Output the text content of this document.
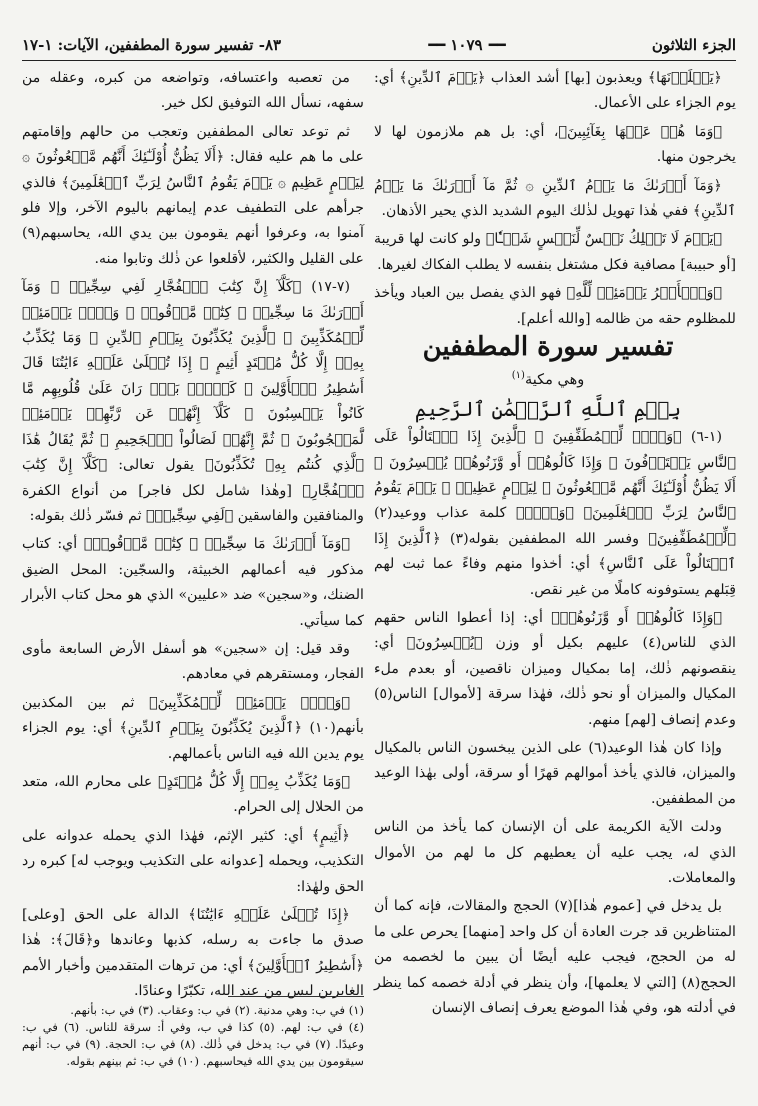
الجزء الثلاثون
━━
١٠٧٩
━━
٨٣- تفسير سورة المطففين، الآيات: ١-١٧

﴿يَصۡلَوۡنَهَا﴾ ويعذبون [بها] أشد العذاب ﴿يَوۡمَ ٱلدِّينِ﴾ أي: يوم الجزاء على الأعمال.

﴿وَمَا هُمۡ عَنۡهَا بِغَآئِبِينَ﴾، أي: بل هم ملازمون لها لا يخرجون منها.

﴿وَمَآ أَدۡرَىٰكَ مَا يَوۡمُ ٱلدِّينِ ۞ ثُمَّ مَآ أَدۡرَىٰكَ مَا يَوۡمُ ٱلدِّينِ﴾ ففي هٰذا تهويل لذٰلك اليوم الشديد الذي يحير الأذهان.

﴿يَوۡمَ لَا تَمۡلِكُ نَفۡسٌ لِّنَفۡسٍ شَيۡـٔٗا﴾ ولو كانت لها قريبة [أو حبيبة] مصافية فكل مشتغل بنفسه لا يطلب الفكاك لغيرها.

﴿وَٱلۡأَمۡرُ يَوۡمَئِذٖ لِّلَّهِ﴾ فهو الذي يفصل بين العباد ويأخذ للمظلوم حقه من ظالمه [والله أعلم].

تفسير سورة المطففين

وهي مكية$^{(١)}$

بِسۡمِ ٱللَّهِ ٱلرَّحۡمَٰنِ ٱلرَّحِيمِ

(١-٦) ﴿وَيۡلٞ لِّلۡمُطَفِّفِينَ ۞ ٱلَّذِينَ إِذَا ٱكۡتَالُواْ عَلَى ٱلنَّاسِ يَسۡتَوۡفُونَ ۞ وَإِذَا كَالُوهُمۡ أَو وَّزَنُوهُمۡ يُخۡسِرُونَ ۞ أَلَا يَظُنُّ أُوْلَـٰٓئِكَ أَنَّهُم مَّبۡعُوثُونَ ۞ لِيَوۡمٍ عَظِيمٖ ۞ يَوۡمَ يَقُومُ ٱلنَّاسُ لِرَبِّ ٱلۡعَٰلَمِينَ﴾ ﴿وَيۡلٞ﴾ كلمة عذاب ووعيد(٢) ﴿لِّلۡمُطَفِّفِينَ﴾ وفسر الله المطففين بقوله(٣) ﴿ٱلَّذِينَ إِذَا ٱكۡتَالُواْ عَلَى ٱلنَّاسِ﴾ أي: أخذوا منهم وفاءً عما ثبت لهم قِبَلهم يستوفونه كاملًا من غير نقص.

﴿وَإِذَا كَالُوهُمۡ أَو وَّزَنُوهُمۡ﴾ أي: إذا أعطوا الناس حقهم الذي للناس(٤) عليهم بكيل أو وزن ﴿يُخۡسِرُونَ﴾ أي: ينقصونهم ذٰلك، إما بمكيال وميزان ناقصين، أو بعدم ملء المكيال والميزان أو نحو ذٰلك، فهٰذا سرقة [لأموال] الناس(٥) وعدم إنصاف [لهم] منهم.

وإذا كان هٰذا الوعيد(٦) على الذين يبخسون الناس بالمكيال والميزان، فالذي يأخذ أموالهم قهرًا أو سرقة، أولى بهٰذا الوعيد من المطففين.

ودلت الآية الكريمة على أن الإنسان كما يأخذ من الناس الذي له، يجب عليه أن يعطيهم كل ما لهم من الأموال والمعاملات.

بل يدخل في [عموم هٰذا](٧) الحجج والمقالات، فإنه كما أن المتناظرين قد جرت العادة أن كل واحد [منهما] يحرص على ما له من الحجج، فيجب عليه أيضًا أن يبين ما لخصمه من الحجج(٨) [التي لا يعلمها]، وأن ينظر في أدلة خصمه كما ينظر في أدلته هو، وفي هٰذا الموضع يعرف إنصاف الإنسان

من تعصبه واعتسافه، وتواضعه من كبره، وعقله من سفهه، نسأل الله التوفيق لكل خير.

ثم توعد تعالى المطففين وتعجب من حالهم وإقامتهم على ما هم عليه فقال: ﴿أَلَا يَظُنُّ أُوْلَـٰٓئِكَ أَنَّهُم مَّبۡعُوثُونَ ۞ لِيَوۡمٍ عَظِيمٖ ۞ يَوۡمَ يَقُومُ ٱلنَّاسُ لِرَبِّ ٱلۡعَٰلَمِينَ﴾ فالذي جرأهم على التطفيف عدم إيمانهم باليوم الآخر، وإلا فلو آمنوا به، وعرفوا أنهم يقومون بين يدي الله، يحاسبهم(٩) على القليل والكثير، لأقلعوا عن ذٰلك وتابوا منه.

(٧-١٧) ﴿كَلَّآ إِنَّ كِتَٰبَ ٱلۡفُجَّارِ لَفِي سِجِّينٖ ۞ وَمَآ أَدۡرَىٰكَ مَا سِجِّينٞ ۞ كِتَٰبٞ مَّرۡقُومٞ ۞ وَيۡلٞ يَوۡمَئِذٖ لِّلۡمُكَذِّبِينَ ۞ ٱلَّذِينَ يُكَذِّبُونَ بِيَوۡمِ ٱلدِّينِ ۞ وَمَا يُكَذِّبُ بِهِۦٓ إِلَّا كُلُّ مُعۡتَدٍ أَثِيمٍ ۞ إِذَا تُتۡلَىٰ عَلَيۡهِ ءَايَٰتُنَا قَالَ أَسَٰطِيرُ ٱلۡأَوَّلِينَ ۞ كَلَّاۖ بَلۡۜ رَانَ عَلَىٰ قُلُوبِهِم مَّا كَانُواْ يَكۡسِبُونَ ۞ كَلَّآ إِنَّهُمۡ عَن رَّبِّهِمۡ يَوۡمَئِذٖ لَّمَحۡجُوبُونَ ۞ ثُمَّ إِنَّهُمۡ لَصَالُواْ ٱلۡجَحِيمِ ۞ ثُمَّ يُقَالُ هَٰذَا ٱلَّذِي كُنتُم بِهِۦ تُكَذِّبُونَ﴾ يقول تعالى: ﴿كَلَّآ إِنَّ كِتَٰبَ ٱلۡفُجَّارِ﴾ [وهٰذا شامل لكل فاجر] من أنواع الكفرة والمنافقين والفاسقين ﴿لَفِي سِجِّينٖ﴾ ثم فسّر ذٰلك بقوله:

﴿وَمَآ أَدۡرَىٰكَ مَا سِجِّينٞ ۞ كِتَٰبٞ مَّرۡقُومٞ﴾ أي: كتاب مذكور فيه أعمالهم الخبيثة، والسجّين: المحل الضيق الضنك، و«سجين» ضد «عليين» الذي هو محل كتاب الأبرار كما سيأتي.

وقد قيل: إن «سجين» هو أسفل الأرض السابعة مأوى الفجار، ومستقرهم في معادهم.

﴿وَيۡلٞ يَوۡمَئِذٖ لِّلۡمُكَذِّبِينَ﴾ ثم بين المكذبين بأنهم(١٠) ﴿ٱلَّذِينَ يُكَذِّبُونَ بِيَوۡمِ ٱلدِّينِ﴾ أي: يوم الجزاء يوم يدين الله فيه الناس بأعمالهم.

﴿وَمَا يُكَذِّبُ بِهِۦٓ إِلَّا كُلُّ مُعۡتَدٍ﴾ على محارم الله، متعد من الحلال إلى الحرام.

﴿أَثِيمٍ﴾ أي: كثير الإثم، فهٰذا الذي يحمله عدوانه على التكذيب، ويحمله [عدوانه على التكذيب ويوجب له] كبره رد الحق ولهٰذا:

﴿إِذَا تُتۡلَىٰ عَلَيۡهِ ءَايَٰتُنَا﴾ الدالة على الحق [وعلى] صدق ما جاءت به رسله، كذبها وعاندها و﴿قَالَ﴾: هٰذا ﴿أَسَٰطِيرُ ٱلۡأَوَّلِينَ﴾ أي: من ترهات المتقدمين وأخبار الأمم الغابرين ليس من عند الله، تكبّرًا وعنادًا.

(١) في ب: وهي مدنية. (٢) في ب: وعقاب. (٣) في ب: بأنهم.
(٤) في ب: لهم. (٥) كذا في ب، وفي أ: سرقة للناس. (٦) في ب: وعيدًا. (٧) في ب: يدخل في ذٰلك. (٨) في ب: الحجة. (٩) في ب: أنهم سيقومون بين يدي الله فيحاسبهم. (١٠) في ب: ثم بينهم بقوله.
